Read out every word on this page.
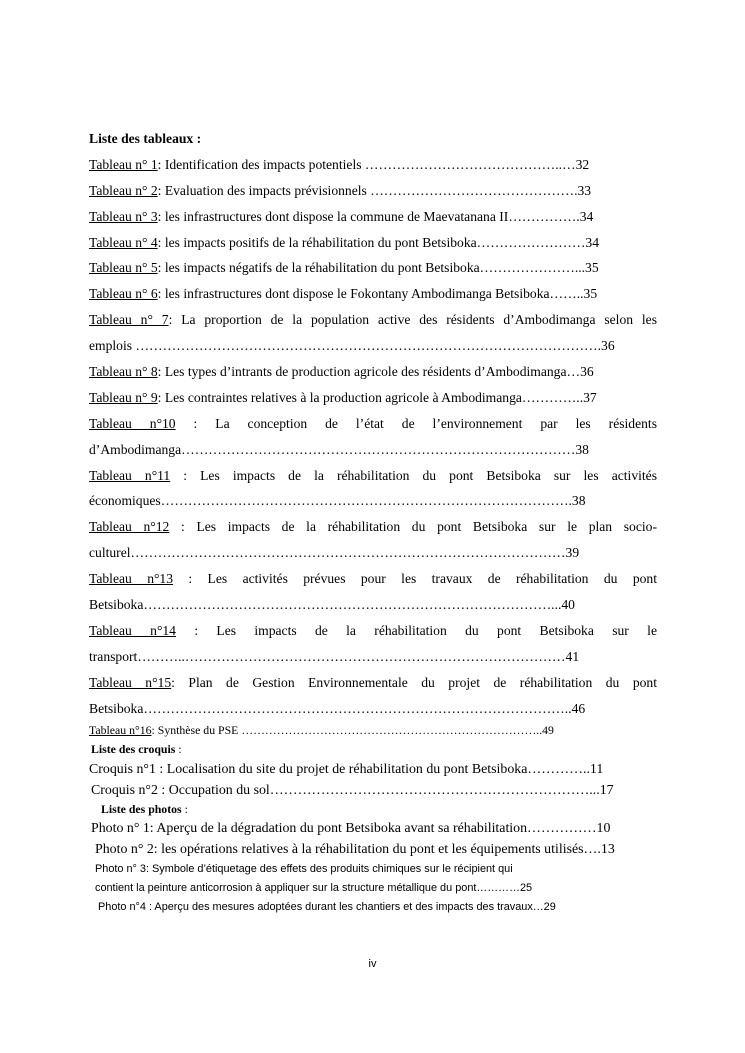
Liste des tableaux :
Tableau n° 1: Identification des impacts potentiels ……………………………………..…32
Tableau n° 2: Evaluation des impacts prévisionnels ……………………………………….33
Tableau n° 3: les infrastructures dont dispose la commune de Maevatanana II…………….34
Tableau n° 4: les impacts positifs de la réhabilitation du pont Betsiboka……………………34
Tableau n° 5: les impacts négatifs de la réhabilitation du pont Betsiboka…………………...35
Tableau n° 6: les infrastructures dont dispose le Fokontany Ambodimanga Betsiboka……..35
Tableau n° 7: La proportion de la population active des résidents d’Ambodimanga selon les
emplois ………………………………………………………………………………………….36
Tableau n° 8: Les types d’intrants de production agricole des résidents d’Ambodimanga…36
Tableau n° 9: Les contraintes relatives à la production agricole à Ambodimanga…………..37
Tableau n°10 : La conception de l’état de l’environnement par les résidents
d’Ambodimanga……………………………………………………………………………38
Tableau n°11 : Les impacts de la réhabilitation du pont Betsiboka sur les activités
économiques……………………………………………………………………………….38
Tableau n°12 : Les impacts de la réhabilitation du pont Betsiboka sur le plan socio-
culturel……………………………………………………………………………………39
Tableau n°13 : Les activités prévues pour les travaux de réhabilitation du pont
Betsiboka………………………………………………………………………………...40
Tableau n°14 : Les impacts de la réhabilitation du pont Betsiboka sur le
transport………..…………………………………………………………………………41
Tableau n°15: Plan de Gestion Environnementale du projet de réhabilitation du pont
Betsiboka…………………………………………………………………………………..46
Tableau n°16: Synthèse du PSE …………………………………………………………………..49
Liste des croquis :
Croquis n°1 : Localisation du site du projet de réhabilitation du pont Betsiboka…………..11
Croquis n°2 : Occupation du sol……………………………………………………………...17
Liste des photos :
Photo n° 1: Aperçu de la dégradation du pont Betsiboka avant sa réhabilitation……………10
Photo n° 2: les opérations relatives à la réhabilitation du pont et les équipements utilisés….13
Photo n° 3: Symbole d’étiquetage des effets des produits chimiques sur le récipient qui
contient la peinture anticorrosion à appliquer sur la structure métallique du pont…………25
Photo n°4 : Aperçu des mesures adoptées durant les chantiers et des impacts des travaux…29
iv
